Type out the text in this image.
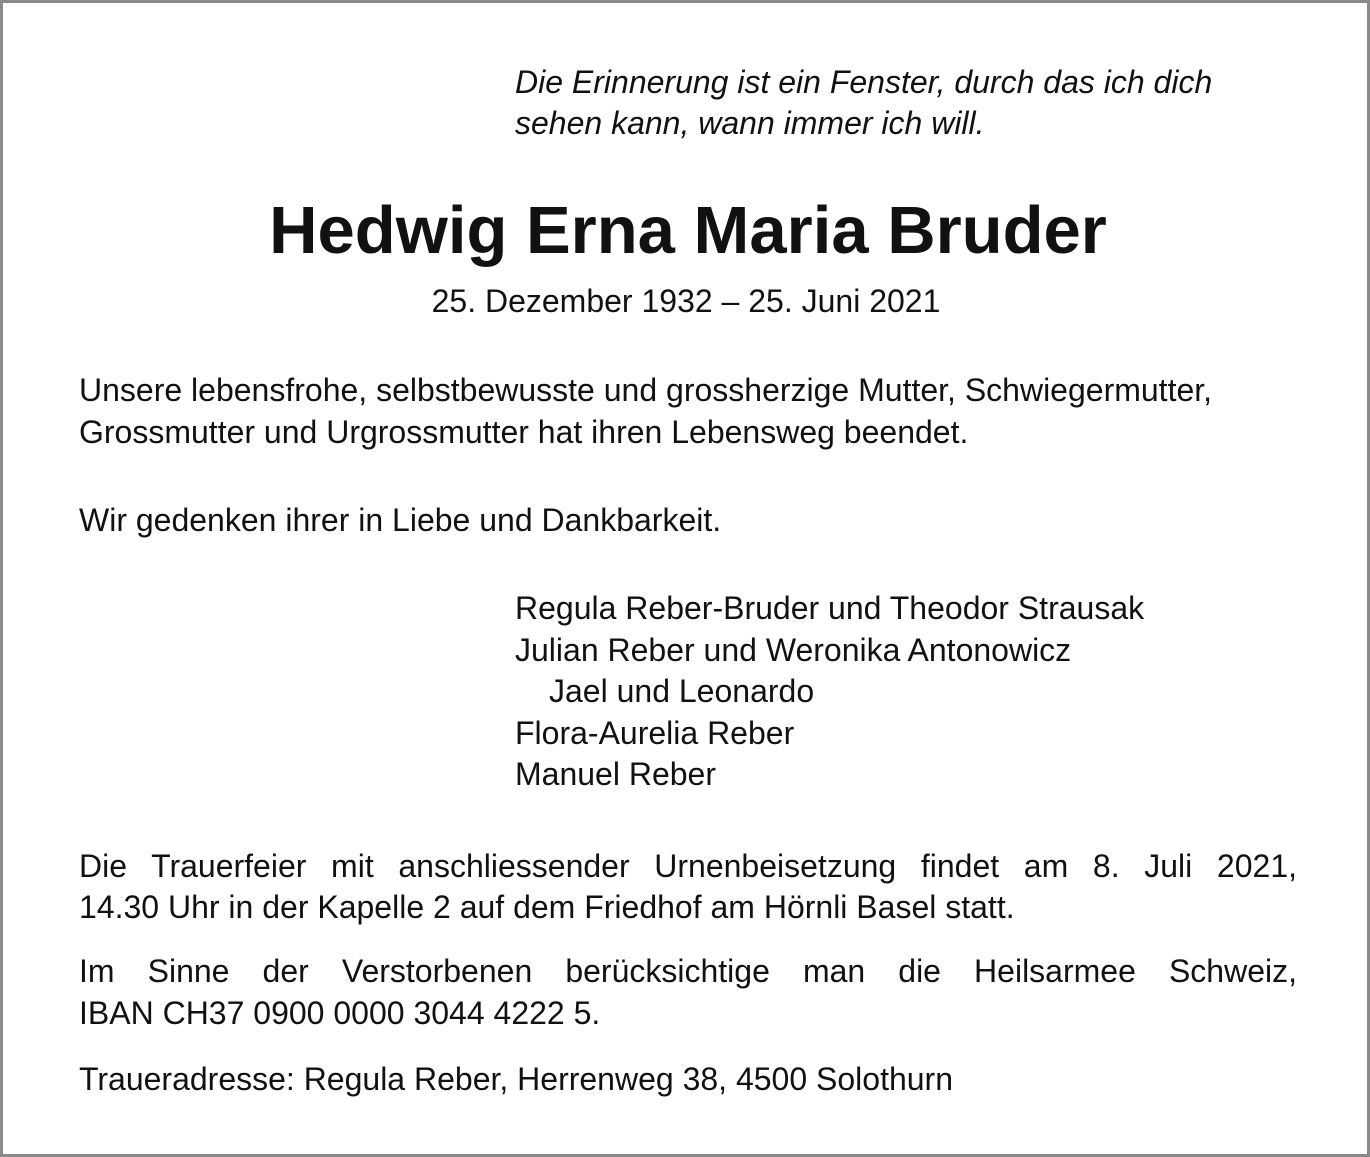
Die Erinnerung ist ein Fenster, durch das ich dich
sehen kann, wann immer ich will.
Hedwig Erna Maria Bruder
25. Dezember 1932 – 25. Juni 2021
Unsere lebensfrohe, selbstbewusste und grossherzige Mutter, Schwiegermutter,
Grossmutter und Urgrossmutter hat ihren Lebensweg beendet.
Wir gedenken ihrer in Liebe und Dankbarkeit.
Regula Reber-Bruder und Theodor Strausak
Julian Reber und Weronika Antonowicz
Jael und Leonardo
Flora-Aurelia Reber
Manuel Reber
Die Trauerfeier mit anschliessender Urnenbeisetzung findet am 8. Juli 2021,
14.30 Uhr in der Kapelle 2 auf dem Friedhof am Hörnli Basel statt.
Im Sinne der Verstorbenen berücksichtige man die Heilsarmee Schweiz,
IBAN CH37 0900 0000 3044 4222 5.
Traueradresse: Regula Reber, Herrenweg 38, 4500 Solothurn
